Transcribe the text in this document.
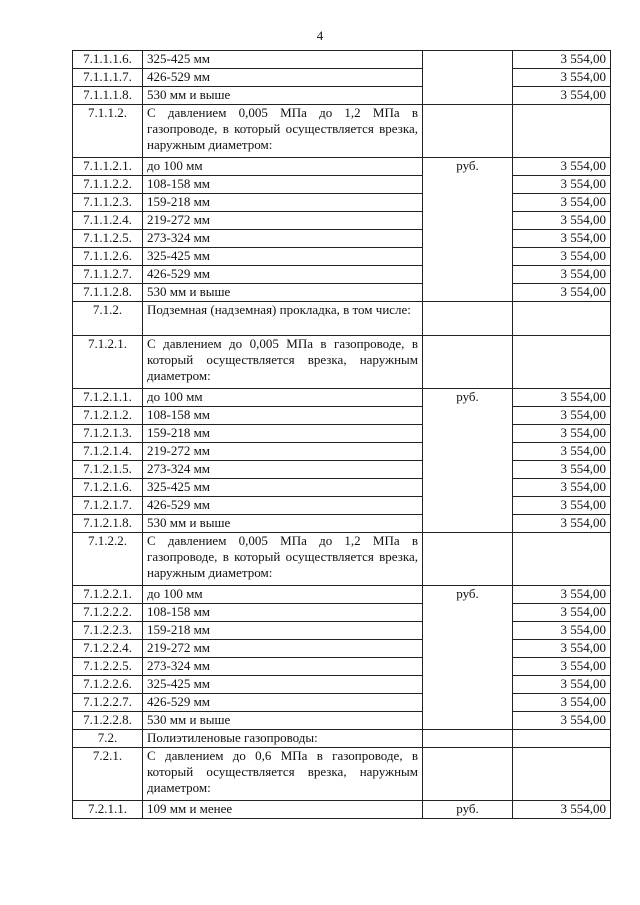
4
7.1.1.1.6.	325-425 мм		3 554,00
7.1.1.1.7.	426-529 мм		3 554,00
7.1.1.1.8.	530 мм и выше		3 554,00
7.1.1.2.	С давлением 0,005 МПа до 1,2 МПа в газопроводе, в который осуществляется врезка, наружным диаметром:		
7.1.1.2.1.	до 100 мм	руб.	3 554,00
7.1.1.2.2.	108-158 мм		3 554,00
7.1.1.2.3.	159-218 мм		3 554,00
7.1.1.2.4.	219-272 мм		3 554,00
7.1.1.2.5.	273-324 мм		3 554,00
7.1.1.2.6.	325-425 мм		3 554,00
7.1.1.2.7.	426-529 мм		3 554,00
7.1.1.2.8.	530 мм и выше		3 554,00
7.1.2.	Подземная (надземная) прокладка, в том числе:		
7.1.2.1.	С давлением до 0,005 МПа в газопроводе, в который осуществляется врезка, наружным диаметром:		
7.1.2.1.1.	до 100 мм	руб.	3 554,00
7.1.2.1.2.	108-158 мм		3 554,00
7.1.2.1.3.	159-218 мм		3 554,00
7.1.2.1.4.	219-272 мм		3 554,00
7.1.2.1.5.	273-324 мм		3 554,00
7.1.2.1.6.	325-425 мм		3 554,00
7.1.2.1.7.	426-529 мм		3 554,00
7.1.2.1.8.	530 мм и выше		3 554,00
7.1.2.2.	С давлением 0,005 МПа до 1,2 МПа в газопроводе, в который осуществляется врезка, наружным диаметром:		
7.1.2.2.1.	до 100 мм	руб.	3 554,00
7.1.2.2.2.	108-158 мм		3 554,00
7.1.2.2.3.	159-218 мм		3 554,00
7.1.2.2.4.	219-272 мм		3 554,00
7.1.2.2.5.	273-324 мм		3 554,00
7.1.2.2.6.	325-425 мм		3 554,00
7.1.2.2.7.	426-529 мм		3 554,00
7.1.2.2.8.	530 мм и выше		3 554,00
7.2.	Полиэтиленовые газопроводы:		
7.2.1.	С давлением до 0,6 МПа в газопроводе, в который осуществляется врезка, наружным диаметром:		
7.2.1.1.	109 мм и менее	руб.	3 554,00
